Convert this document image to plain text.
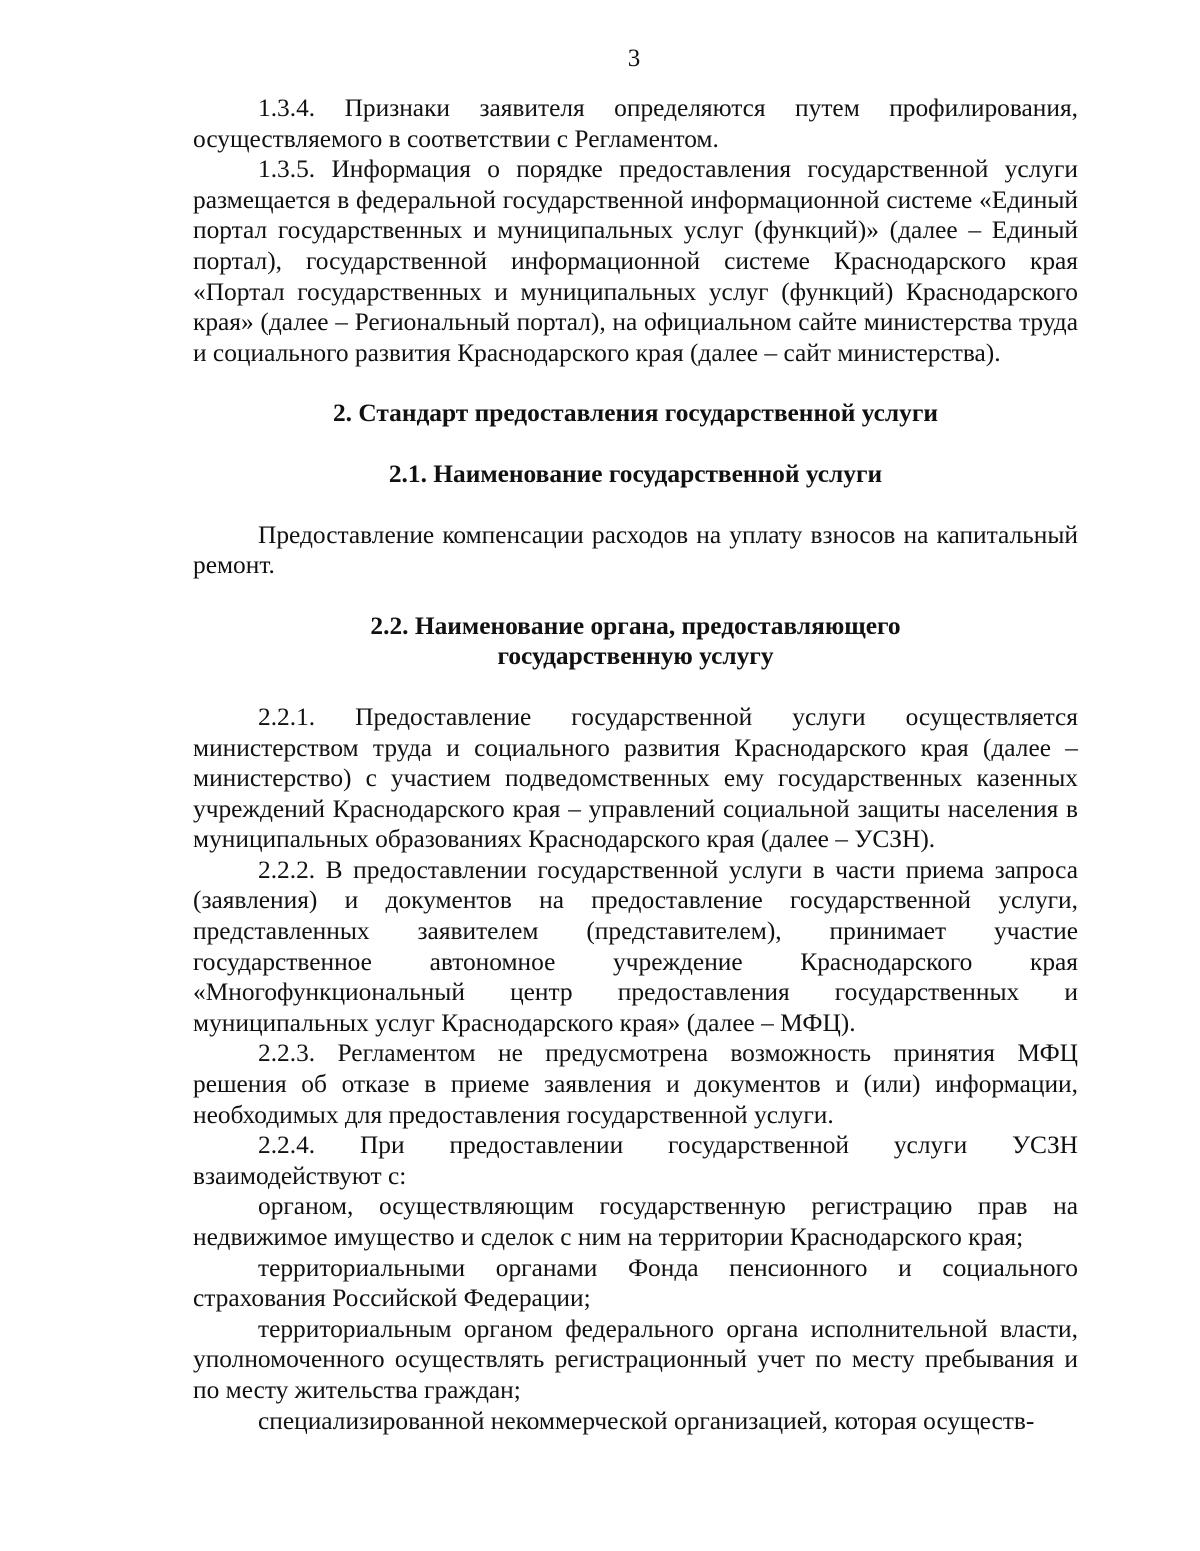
3

1.3.4. Признаки заявителя определяются путем профилирования, осуществляемого в соответствии с Регламентом.

1.3.5. Информация о порядке предоставления государственной услуги размещается в федеральной государственной информационной системе «Единый портал государственных и муниципальных услуг (функций)» (далее – Единый портал), государственной информационной системе Краснодарского края «Портал государственных и муниципальных услуг (функций) Краснодарского края» (далее – Региональный портал), на официальном сайте министерства труда и социального развития Краснодарского края (далее – сайт министерства).

2. Стандарт предоставления государственной услуги
2.1. Наименование государственной услуги

Предоставление компенсации расходов на уплату взносов на капитальный ремонт.

2.2. Наименование органа, предоставляющего
государственную услугу

2.2.1. Предоставление государственной услуги осуществляется министерством труда и социального развития Краснодарского края (далее – министерство) с участием подведомственных ему государственных казенных учреждений Краснодарского края – управлений социальной защиты населения в муниципальных образованиях Краснодарского края (далее – УСЗН).

2.2.2. В предоставлении государственной услуги в части приема запроса (заявления) и документов на предоставление государственной услуги, представленных заявителем (представителем), принимает участие государственное автономное учреждение Краснодарского края «Многофункциональный центр предоставления государственных и муниципальных услуг Краснодарского края» (далее – МФЦ).

2.2.3. Регламентом не предусмотрена возможность принятия МФЦ решения об отказе в приеме заявления и документов и (или) информации, необходимых для предоставления государственной услуги.

2.2.4. При предоставлении государственной услуги УСЗН взаимодействуют с:

органом, осуществляющим государственную регистрацию прав на недвижимое имущество и сделок с ним на территории Краснодарского края;

территориальными органами Фонда пенсионного и социального страхования Российской Федерации;

территориальным органом федерального органа исполнительной власти, уполномоченного осуществлять регистрационный учет по месту пребывания и по месту жительства граждан;

специализированной некоммерческой организацией, которая осуществ-
